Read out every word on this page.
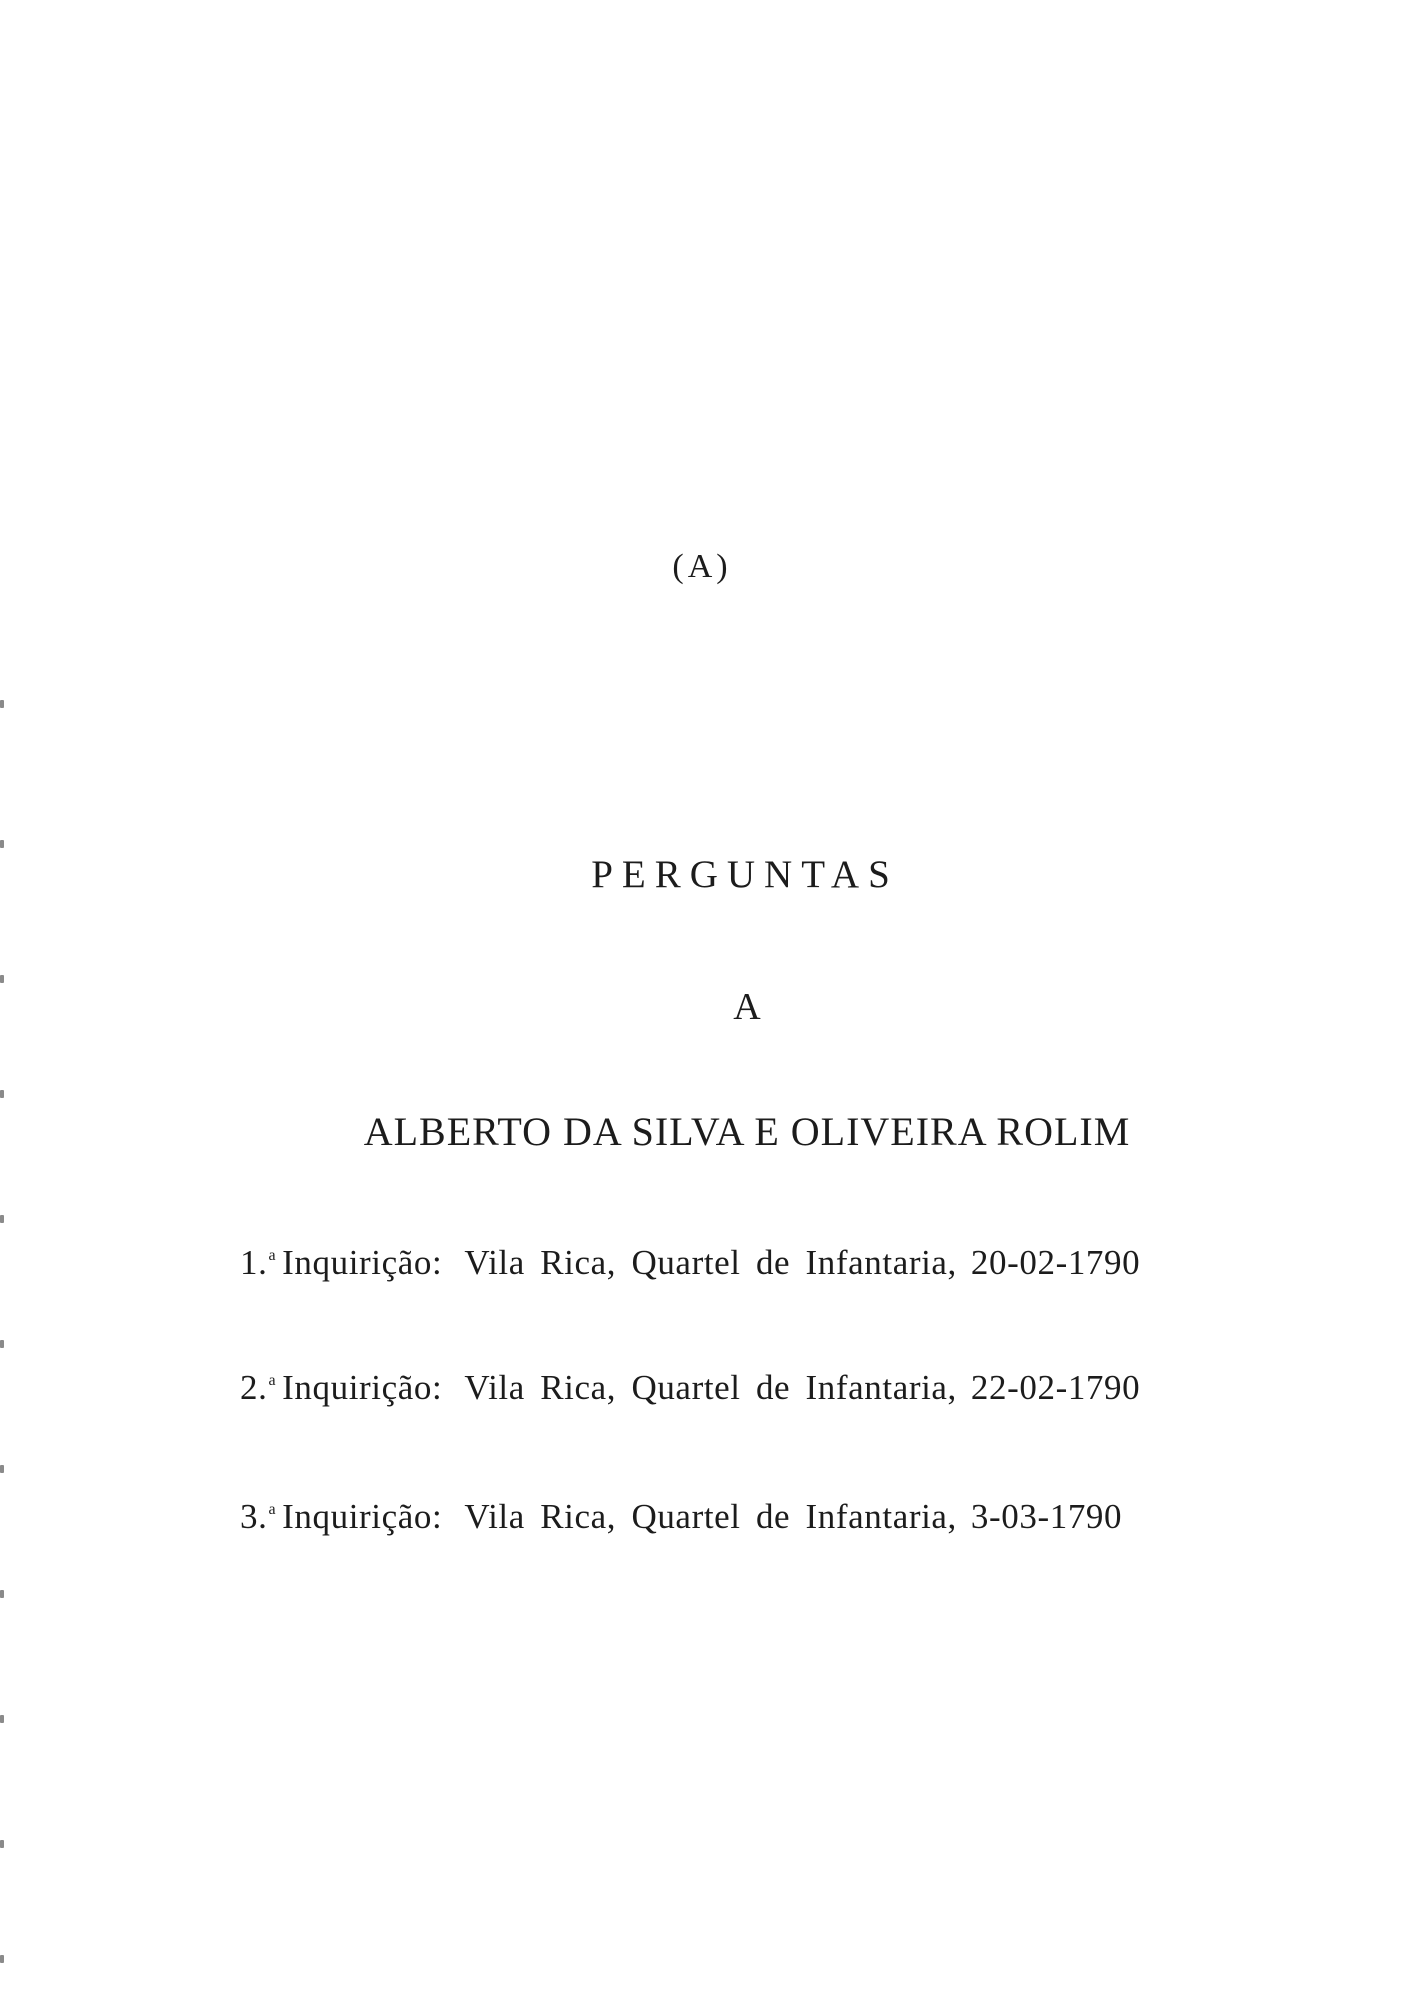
(A)
PERGUNTAS
A
ALBERTO DA SILVA E OLIVEIRA ROLIM
1.$^a$ Inquirição: Vila Rica, Quartel de Infantaria, 20-02-1790
2.$^a$ Inquirição: Vila Rica, Quartel de Infantaria, 22-02-1790
3.$^a$ Inquirição: Vila Rica, Quartel de Infantaria, 3-03-1790
